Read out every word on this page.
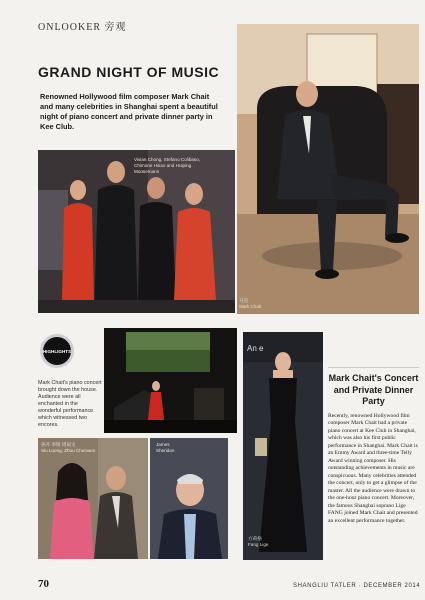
ONLOOKER 旁观
GRAND NIGHT OF MUSIC
Renowned Hollywood film composer Mark Chait and many celebrities in Shanghai spent a beautiful night of piano concert and private dinner party in Kee Club.
Vivian Chong, Stefano Colibaso, Chimone Hsiao and Huiping Moosemann
马克
Mark Chait
HIGHLIGHTS
Mark Chait's piano concert brought down the house. Audience were all enchanted in the wonderful performance which witnessed two encores.
An e
方莉格
Fang Lige
Mark Chait's Concert and Private Dinner Party
Recently, renowned Hollywood film composer Mark Chait had a private piano concert at Kee Club in Shanghai, which was also his first public performance in Shanghai. Mark Chait is an Emmy Award and three-time Telly Award winning composer. His outstanding achievements in music are conspicuous. Many celebrities attended the concert, only to get a glimpse of the master. All the audience were drawn to the one-hour piano concert. Moreover, the famous Shanghai soprano Lige FANG joined Mark Chait and presented an excellent performance together.
孙开 李锐 周辰文
Siu Luong, Zhou Chenwen
James
Sheridan
70	SHANGLIU TATLER · DECEMBER 2014
